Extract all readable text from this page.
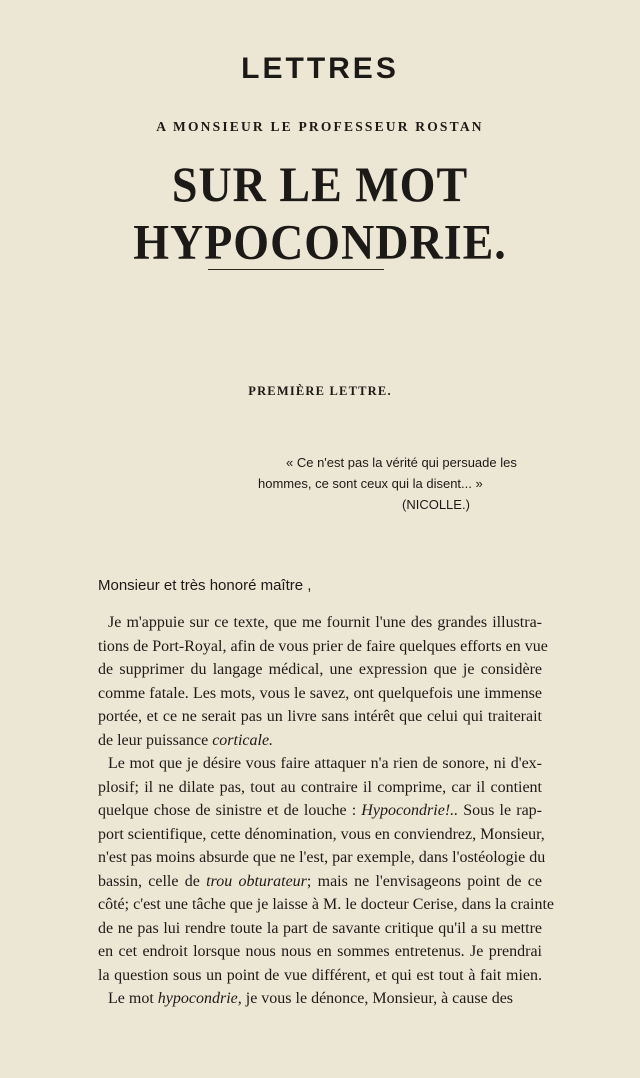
LETTRES
A MONSIEUR LE PROFESSEUR ROSTAN
SUR LE MOT HYPOCONDRIE.
PREMIÈRE LETTRE.
« Ce n'est pas la vérité qui persuade les
hommes, ce sont ceux qui la disent... »
(NICOLLE.)
Monsieur et très honoré maître ,
Je m'appuie sur ce texte, que me fournit l'une des grandes illustra-
tions de Port-Royal, afin de vous prier de faire quelques efforts en vue
de supprimer du langage médical, une expression que je considère
comme fatale. Les mots, vous le savez, ont quelquefois une immense
portée, et ce ne serait pas un livre sans intérêt que celui qui traiterait
de leur puissance corticale.
Le mot que je désire vous faire attaquer n'a rien de sonore, ni d'ex-
plosif; il ne dilate pas, tout au contraire il comprime, car il contient
quelque chose de sinistre et de louche : Hypocondrie!.. Sous le rap-
port scientifique, cette dénomination, vous en conviendrez, Monsieur,
n'est pas moins absurde que ne l'est, par exemple, dans l'ostéologie du
bassin, celle de trou obturateur; mais ne l'envisageons point de ce
côté; c'est une tâche que je laisse à M. le docteur Cerise, dans la crainte
de ne pas lui rendre toute la part de savante critique qu'il a su mettre
en cet endroit lorsque nous nous en sommes entretenus. Je prendrai
la question sous un point de vue différent, et qui est tout à fait mien.
Le mot hypocondrie, je vous le dénonce, Monsieur, à cause des
